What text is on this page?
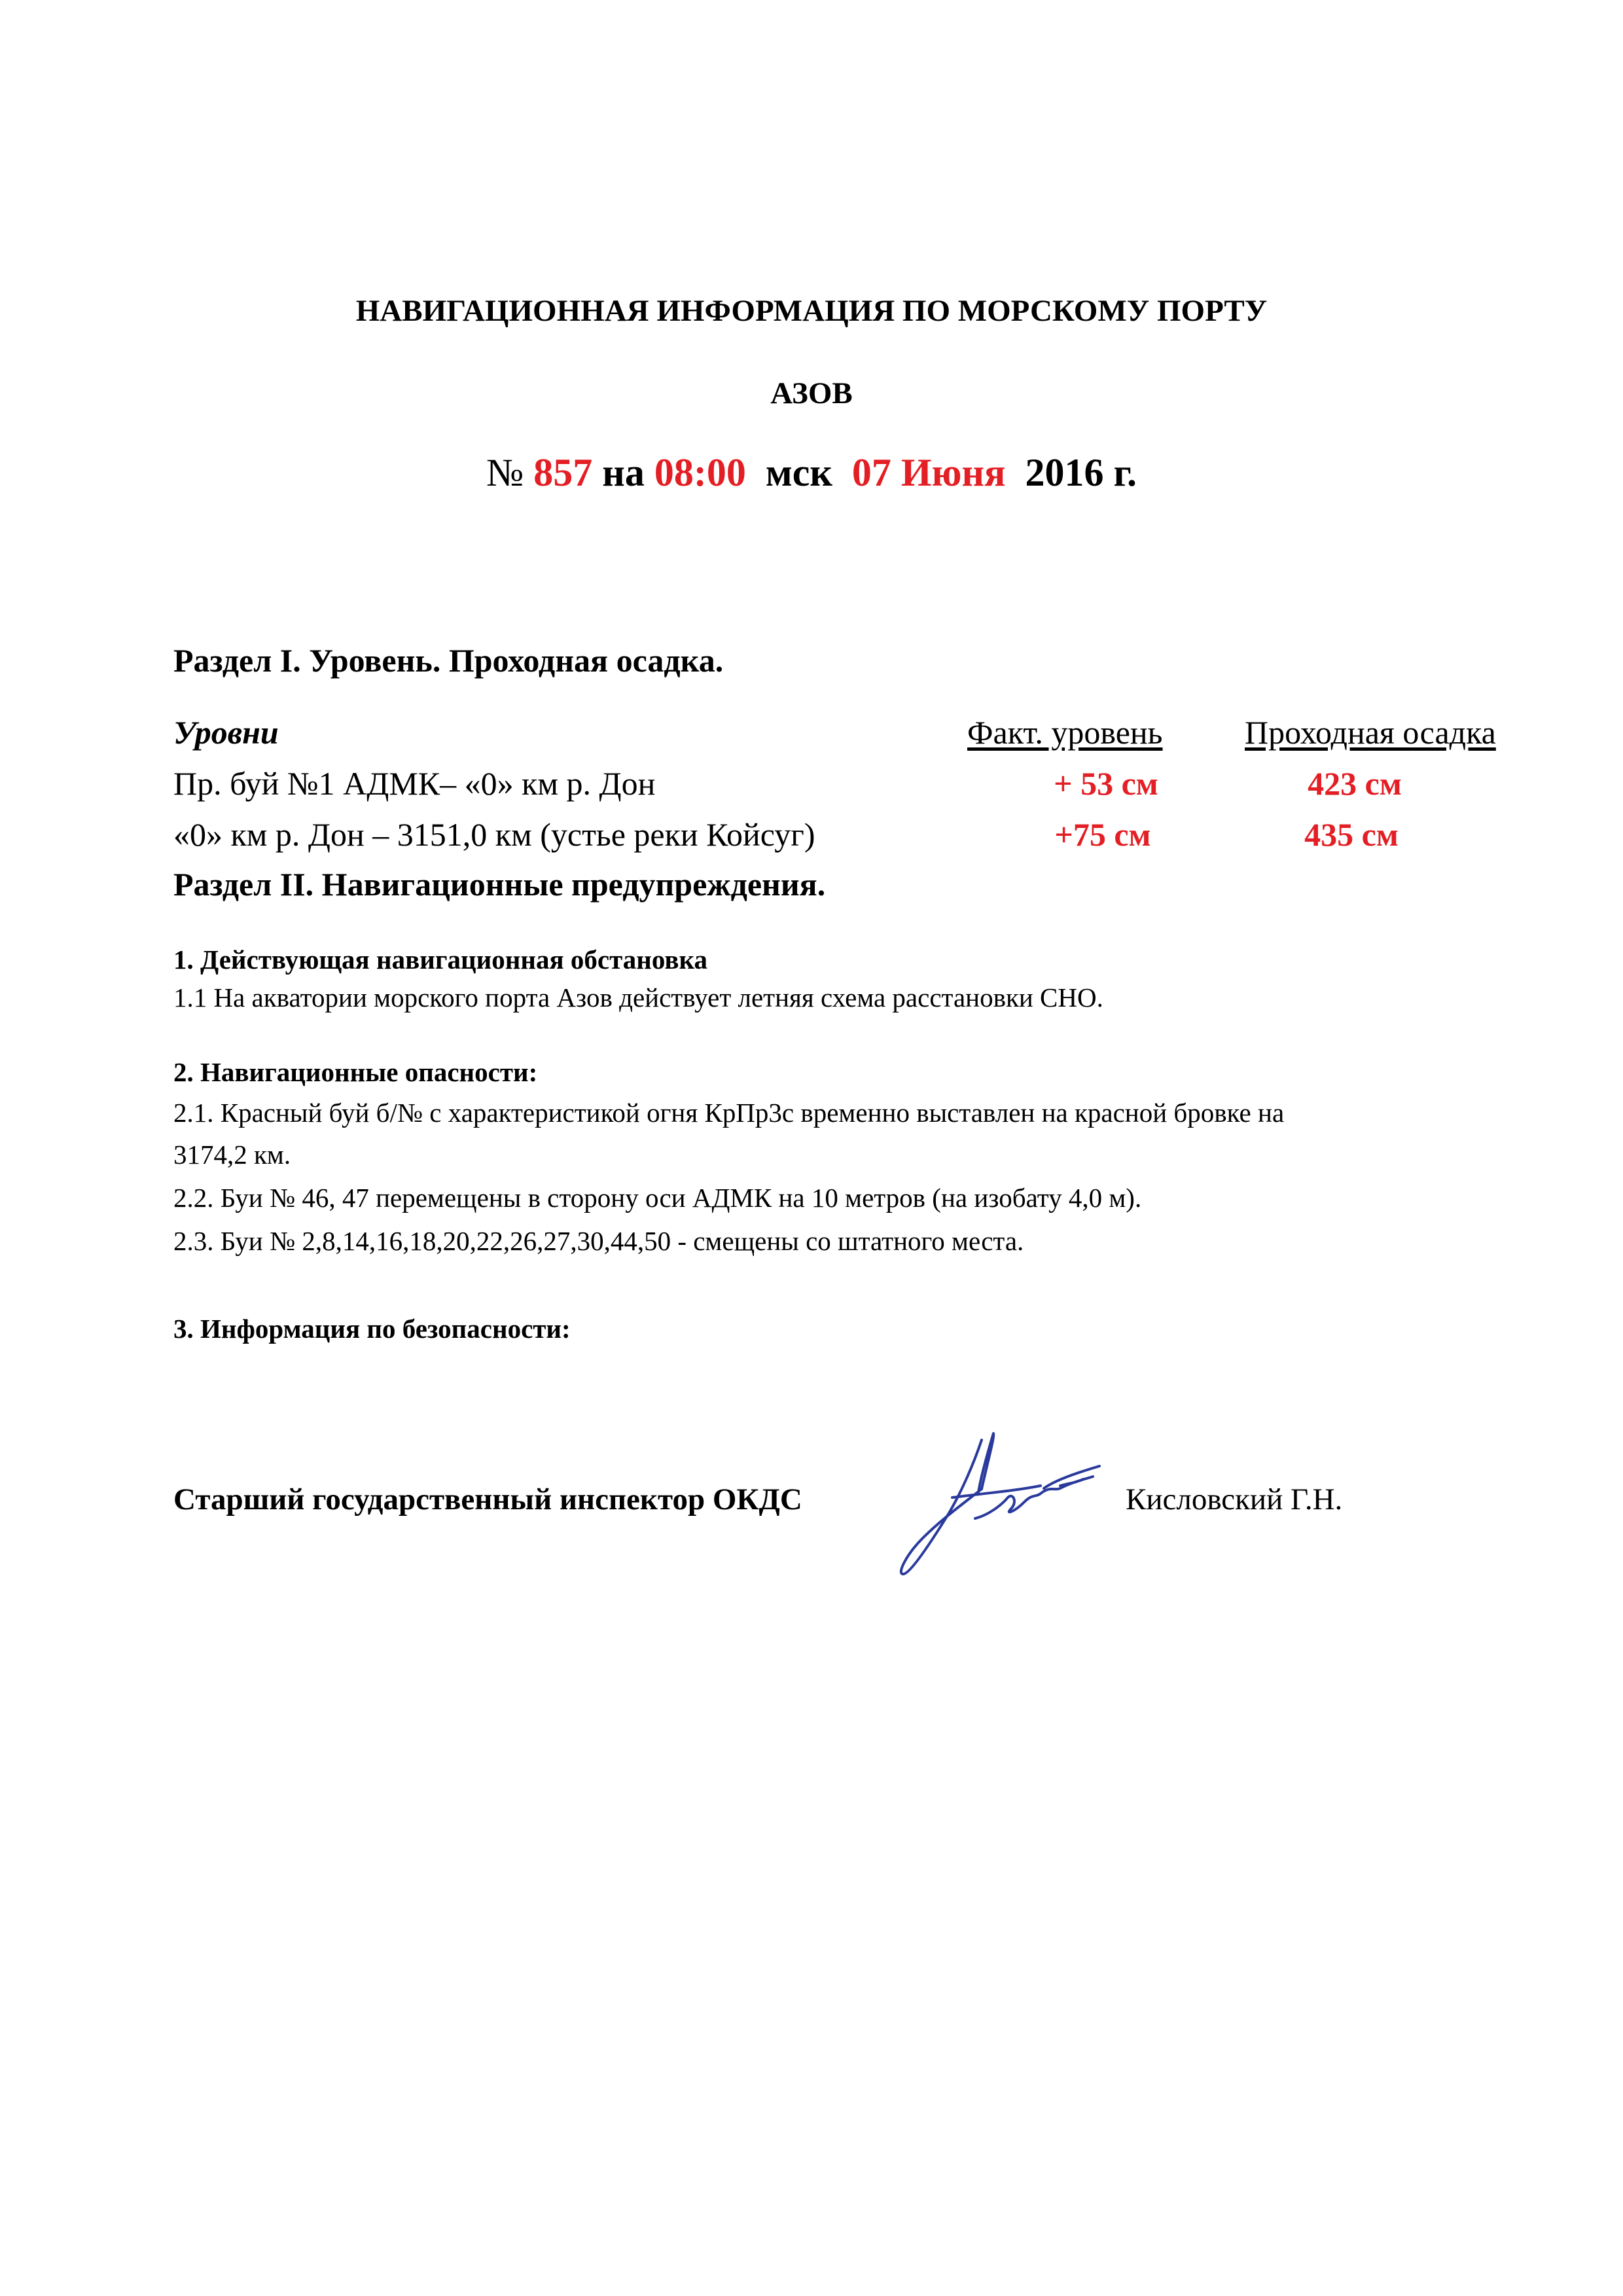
НАВИГАЦИОННАЯ ИНФОРМАЦИЯ ПО МОРСКОМУ ПОРТУ
АЗОВ
№ 857 на 08:00 мск 07 Июня 2016 г.
Раздел I. Уровень. Проходная осадка.
Уровни	Факт. уровень	Проходная осадка
Пр. буй №1 АДМК– «0» км р. Дон	+ 53 см	423 см
«0» км р. Дон – 3151,0 км (устье реки Койсуг)	+75 см	435 см
Раздел II. Навигационные предупреждения.
1. Действующая навигационная обстановка
1.1 На акватории морского порта Азов действует летняя схема расстановки СНО.
2. Навигационные опасности:
2.1. Красный буй б/№ с характеристикой огня КрПр3с временно выставлен на красной бровке на
3174,2 км.
2.2. Буи № 46, 47 перемещены в сторону оси АДМК на 10 метров (на изобату 4,0 м).
2.3. Буи № 2,8,14,16,18,20,22,26,27,30,44,50 - смещены со штатного места.
3. Информация по безопасности:
Старший государственный инспектор ОКДС	Кисловский Г.Н.
